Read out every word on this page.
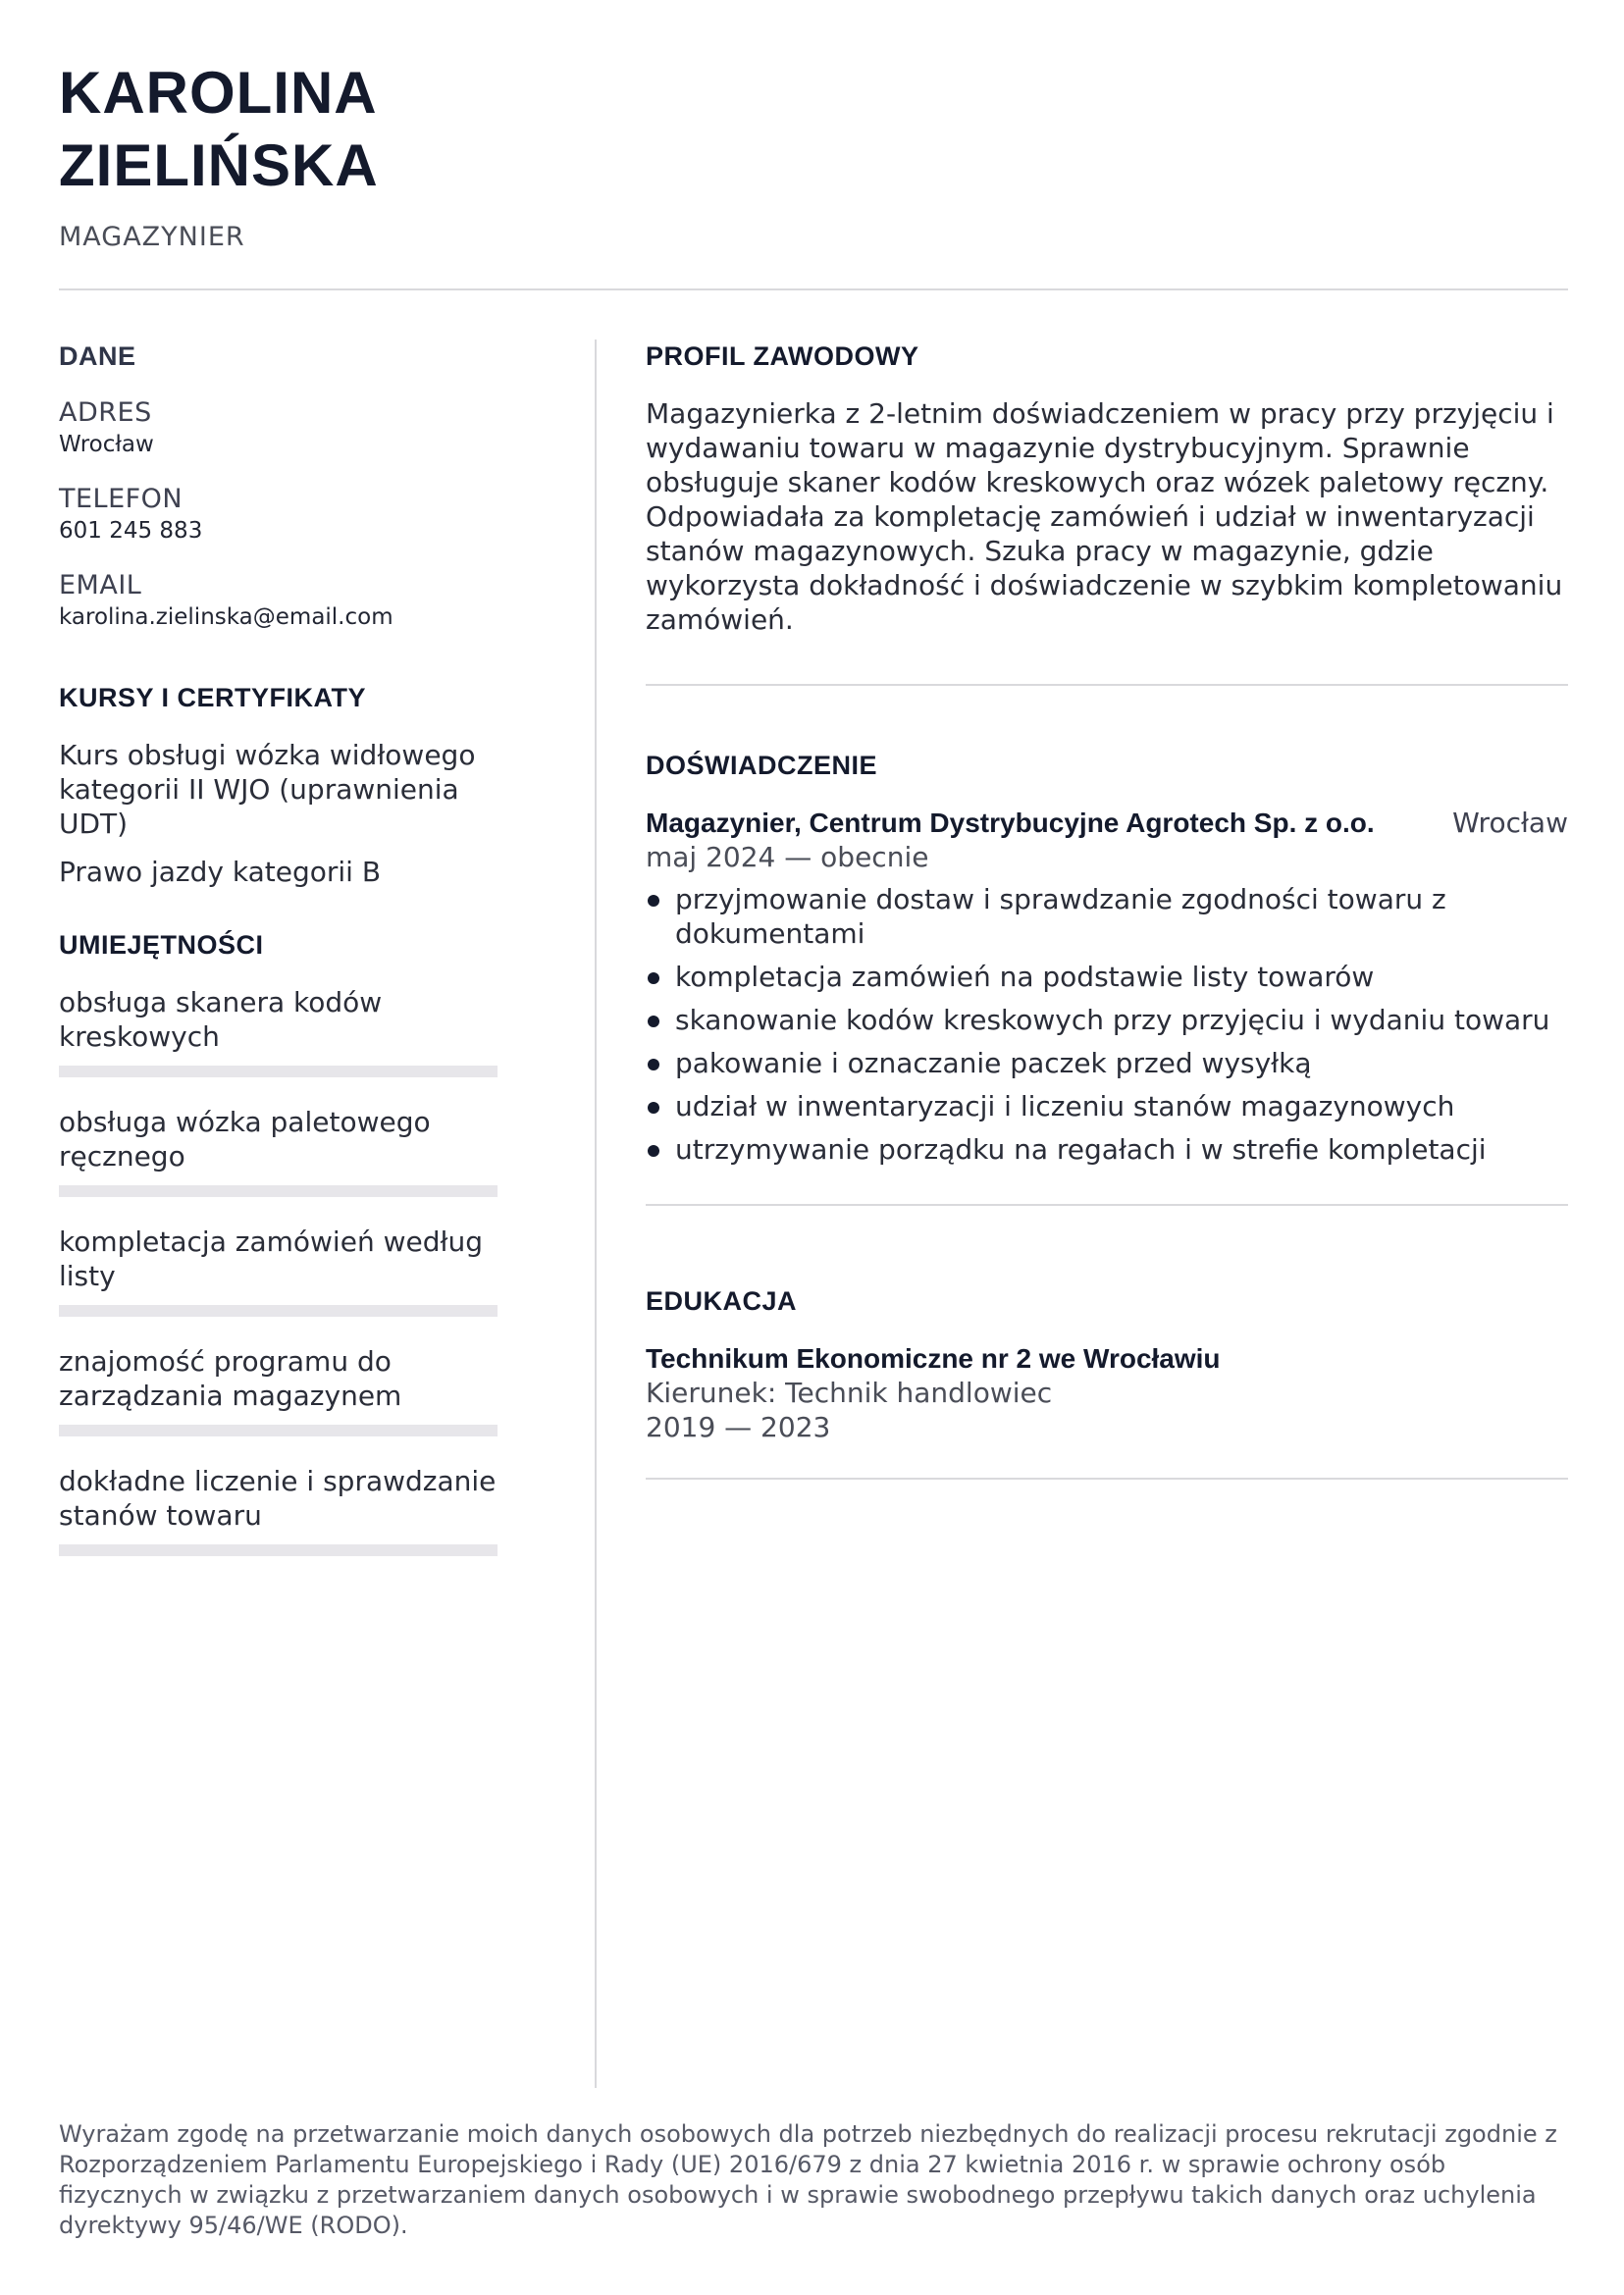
KAROLINA
ZIELIŃSKA
MAGAZYNIER
DANE
ADRES
Wrocław
TELEFON
601 245 883
EMAIL
karolina.zielinska@email.com
KURSY I CERTYFIKATY
Kurs obsługi wózka widłowego kategorii II WJO (uprawnienia UDT)
Prawo jazdy kategorii B
UMIEJĘTNOŚCI
obsługa skanera kodów kreskowych
obsługa wózka paletowego ręcznego
kompletacja zamówień według listy
znajomość programu do zarządzania magazynem
dokładne liczenie i sprawdzanie stanów towaru
PROFIL ZAWODOWY
Magazynierka z 2-letnim doświadczeniem w pracy przy przyjęciu i wydawaniu towaru w magazynie dystrybucyjnym. Sprawnie obsługuje skaner kodów kreskowych oraz wózek paletowy ręczny. Odpowiadała za kompletację zamówień i udział w inwentaryzacji stanów magazynowych. Szuka pracy w magazynie, gdzie wykorzysta dokładność i doświadczenie w szybkim kompletowaniu zamówień.
DOŚWIADCZENIE
Magazynier, Centrum Dystrybucyjne Agrotech Sp. z o.o.	Wrocław
maj 2024 — obecnie
przyjmowanie dostaw i sprawdzanie zgodności towaru z dokumentami
kompletacja zamówień na podstawie listy towarów
skanowanie kodów kreskowych przy przyjęciu i wydaniu towaru
pakowanie i oznaczanie paczek przed wysyłką
udział w inwentaryzacji i liczeniu stanów magazynowych
utrzymywanie porządku na regałach i w strefie kompletacji
EDUKACJA
Technikum Ekonomiczne nr 2 we Wrocławiu
Kierunek: Technik handlowiec
2019 — 2023
Wyrażam zgodę na przetwarzanie moich danych osobowych dla potrzeb niezbędnych do realizacji procesu rekrutacji zgodnie z Rozporządzeniem Parlamentu Europejskiego i Rady (UE) 2016/679 z dnia 27 kwietnia 2016 r. w sprawie ochrony osób fizycznych w związku z przetwarzaniem danych osobowych i w sprawie swobodnego przepływu takich danych oraz uchylenia dyrektywy 95/46/WE (RODO).
